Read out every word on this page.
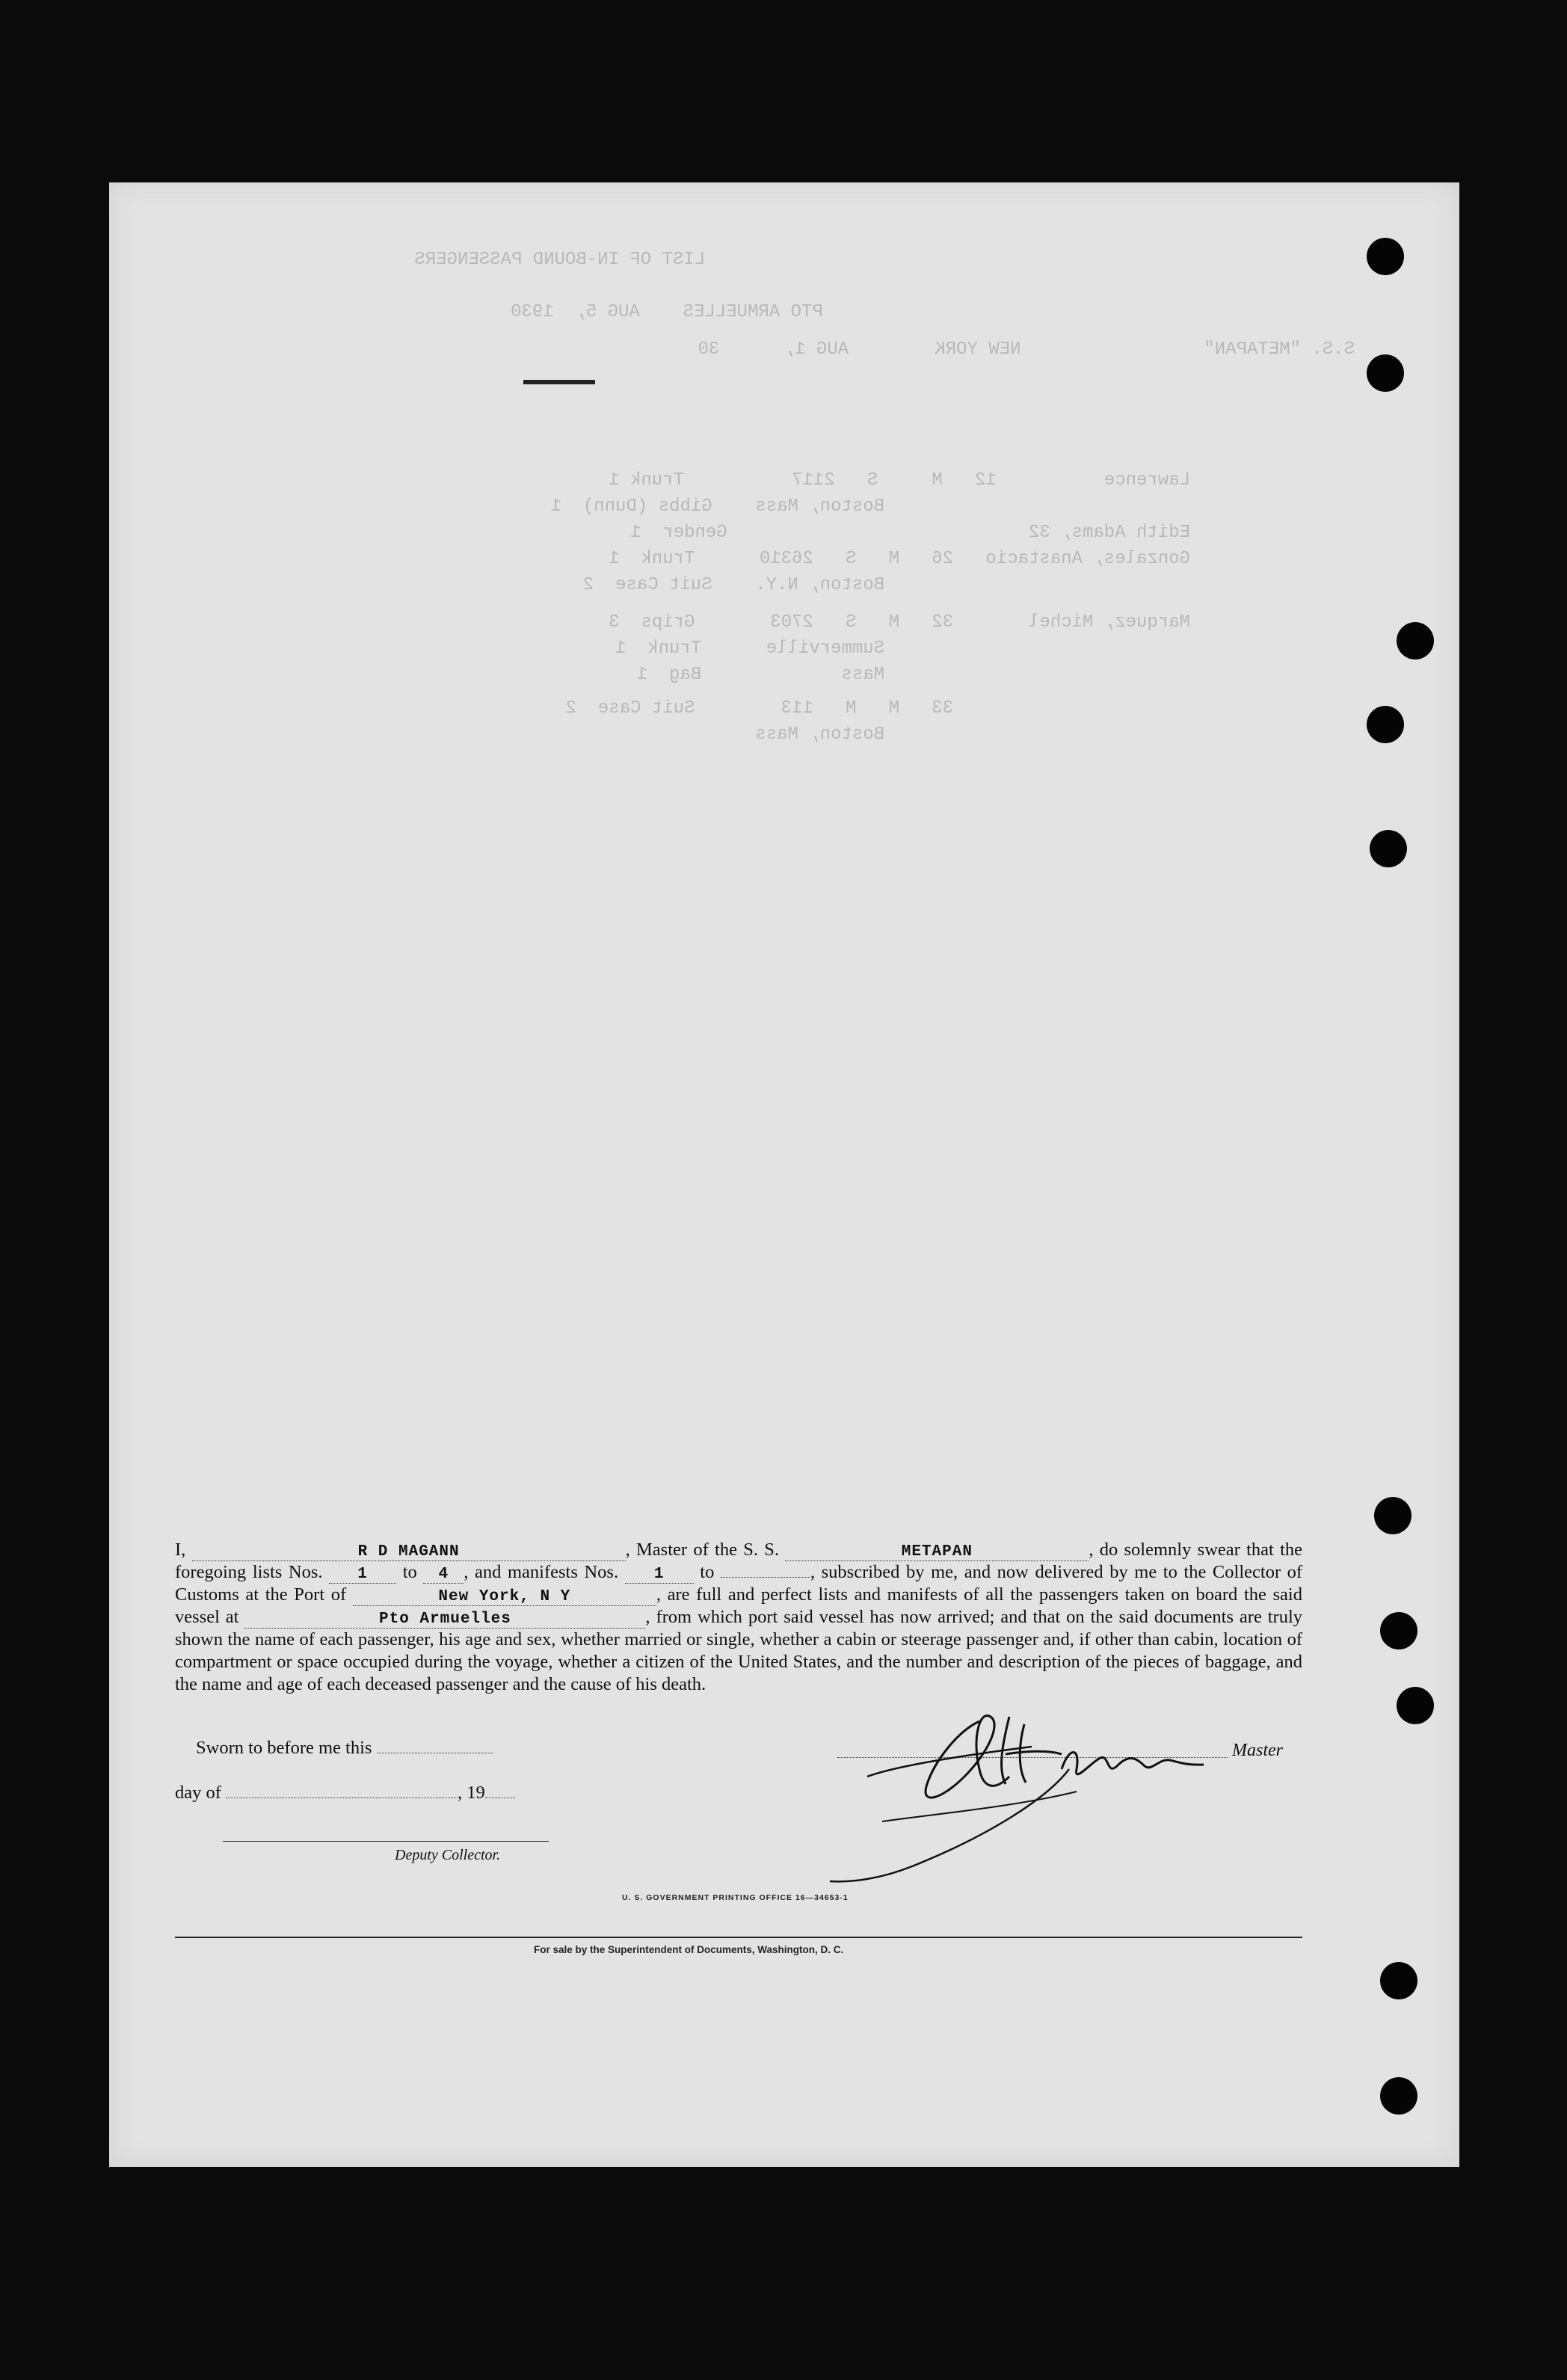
S.S. "METAPAN"                 NEW YORK        AUG 1,      30
PTO ARMUELLES    AUG 5,  1930
LIST OF IN-BOUND PASSENGERS
Lawrence          12   M     S   2117          Trunk 1
Boston, Mass    Gibbs (Dunn)  1
Edith Adams, 32                            Gender  1
Gonzales, Anastacio   26   M   S   26310      Trunk  1
Boston, N.Y.    Suit Case  2
Marquez, Michel       32   M   S   2703       Grips  3
Summerville      Trunk  1
Mass             Bag  1
33   M   M   113        Suit Case  2
Boston, Mass

I,	R D MAGANN	, Master of the S. S.	METAPAN	, do solemnly swear that the foregoing lists Nos. 1 to 4 , and manifests Nos. 1 to	, subscribed by me, and now delivered by me to the Collector of Customs at the Port of	New York, N Y	, are full and perfect lists and manifests of all the passengers taken on board the said vessel at	Pto Armuelles	, from which port said vessel has now arrived; and that on the said documents are truly shown the name of each passenger, his age and sex, whether married or single, whether a cabin or steerage passenger and, if other than cabin, location of compartment or space occupied during the voyage, whether a citizen of the United States, and the number and description of the pieces of baggage, and the name and age of each deceased passenger and the cause of his death.

Sworn to before me this
day of	, 19
Deputy Collector.
Master
U. S. GOVERNMENT PRINTING OFFICE 16—34653-1
For sale by the Superintendent of Documents, Washington, D. C.
